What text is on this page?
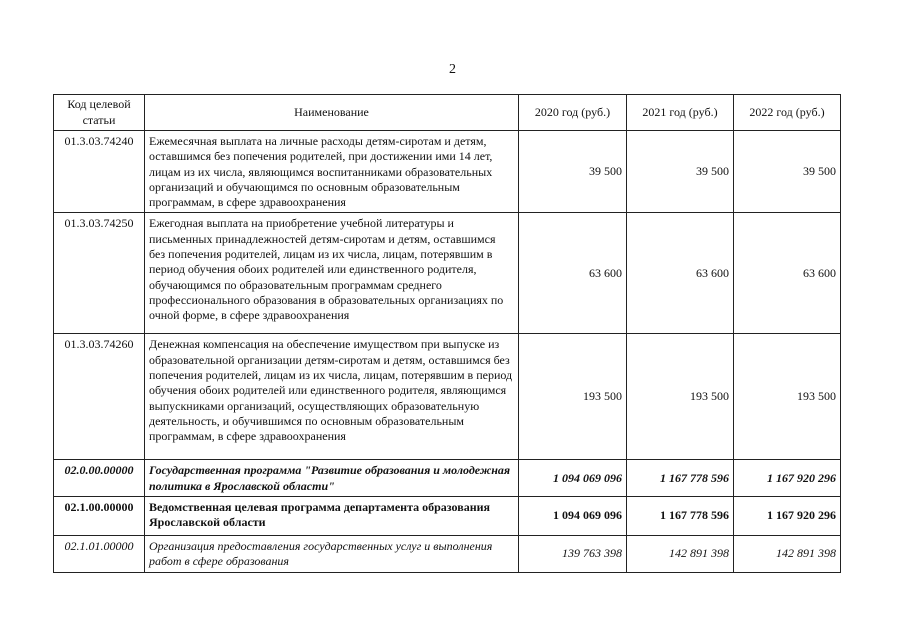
2
Код целевой статьи	Наименование	2020 год (руб.)	2021 год (руб.)	2022 год (руб.)
01.3.03.74240	Ежемесячная выплата на личные расходы детям-сиротам и детям, оставшимся без попечения родителей, при достижении ими 14 лет, лицам из их числа, являющимся воспитанниками образовательных организаций и обучающимся по основным образовательным программам, в сфере здравоохранения	39 500	39 500	39 500
01.3.03.74250	Ежегодная выплата на приобретение учебной литературы и письменных принадлежностей детям-сиротам и детям, оставшимся без попечения родителей, лицам из их числа, лицам, потерявшим в период обучения обоих родителей или единственного родителя, обучающимся по образовательным программам среднего профессионального образования в образовательных организациях по очной форме, в сфере здравоохранения	63 600	63 600	63 600
01.3.03.74260	Денежная компенсация на обеспечение имуществом при выпуске из образовательной организации детям-сиротам и детям, оставшимся без попечения родителей, лицам из их числа, лицам, потерявшим в период обучения обоих родителей или единственного родителя, являющимся выпускниками организаций, осуществляющих образовательную деятельность, и обучившимся по основным образовательным программам, в сфере здравоохранения	193 500	193 500	193 500
02.0.00.00000	Государственная программа "Развитие образования и молодежная политика в Ярославской области"	1 094 069 096	1 167 778 596	1 167 920 296
02.1.00.00000	Ведомственная целевая программа департамента образования Ярославской области	1 094 069 096	1 167 778 596	1 167 920 296
02.1.01.00000	Организация предоставления государственных услуг и выполнения работ в сфере образования	139 763 398	142 891 398	142 891 398
